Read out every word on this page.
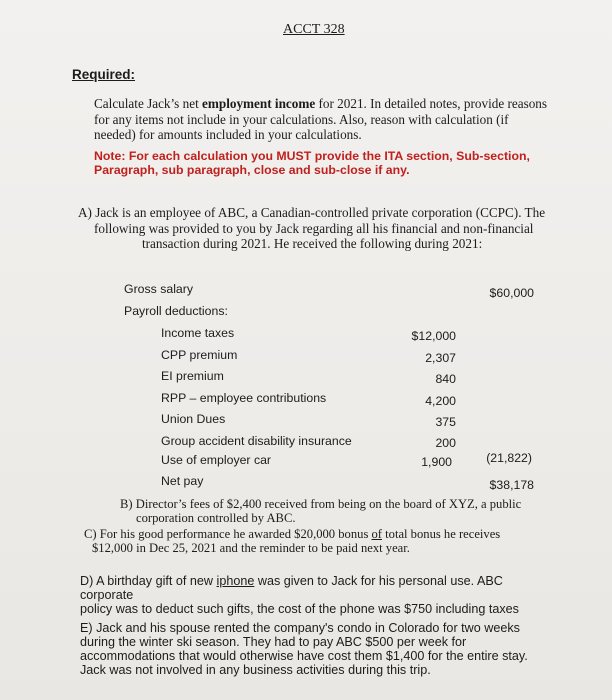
ACCT 328
Required:
Calculate Jack’s net employment income for 2021. In detailed notes, provide reasons
for any items not include in your calculations. Also, reason with calculation (if
needed) for amounts included in your calculations.
Note: For each calculation you MUST provide the ITA section, Sub-section,
Paragraph, sub paragraph, close and sub-close if any.
A) Jack is an employee of ABC, a Canadian-controlled private corporation (CCPC). The
following was provided to you by Jack regarding all his financial and non-financial
transaction during 2021. He received the following during 2021:
Gross salary	$60,000
Payroll deductions:
Income taxes	$12,000
CPP premium	2,307
EI premium	840
RPP – employee contributions	4,200
Union Dues	375
Group accident disability insurance	200
Use of employer car	1,900	(21,822)
Net pay	$38,178
B) Director’s fees of $2,400 received from being on the board of XYZ, a public
corporation controlled by ABC.
C) For his good performance he awarded $20,000 bonus of total bonus he receives
$12,000 in Dec 25, 2021 and the reminder to be paid next year.
D) A birthday gift of new iphone was given to Jack for his personal use. ABC corporate
policy was to deduct such gifts, the cost of the phone was $750 including taxes
E) Jack and his spouse rented the company's condo in Colorado for two weeks
during the winter ski season. They had to pay ABC $500 per week for
accommodations that would otherwise have cost them $1,400 for the entire stay.
Jack was not involved in any business activities during this trip.
